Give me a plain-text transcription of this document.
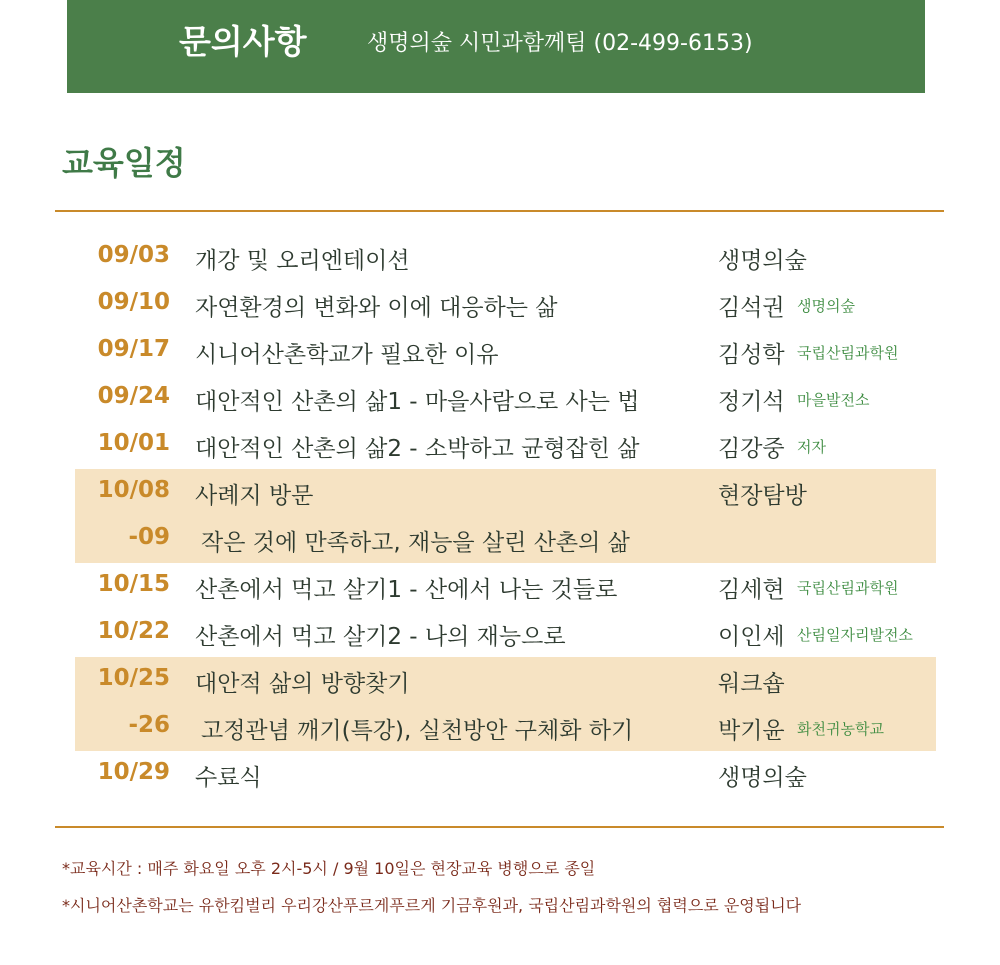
문의사항	생명의숲 시민과함께팀 (02-499-6153)
교육일정
09/03 개강 및 오리엔테이션	생명의숲
09/10 자연환경의 변화와 이에 대응하는 삶	김석권 생명의숲
09/17 시니어산촌학교가 필요한 이유	김성학 국립산림과학원
09/24 대안적인 산촌의 삶1 - 마을사람으로 사는 법	정기석 마을발전소
10/01 대안적인 산촌의 삶2 - 소박하고 균형잡힌 삶	김강중 저자
10/08 사례지 방문	현장탐방
-09 작은 것에 만족하고, 재능을 살린 산촌의 삶
10/15 산촌에서 먹고 살기1 - 산에서 나는 것들로	김세현 국립산림과학원
10/22 산촌에서 먹고 살기2 - 나의 재능으로	이인세 산림일자리발전소
10/25 대안적 삶의 방향찾기	워크숍
-26 고정관념 깨기(특강), 실천방안 구체화 하기	박기윤 화천귀농학교
10/29 수료식	생명의숲
*교육시간 : 매주 화요일 오후 2시-5시 / 9월 10일은 현장교육 병행으로 종일
*시니어산촌학교는 유한킴벌리 우리강산푸르게푸르게 기금후원과, 국립산림과학원의 협력으로 운영됩니다
